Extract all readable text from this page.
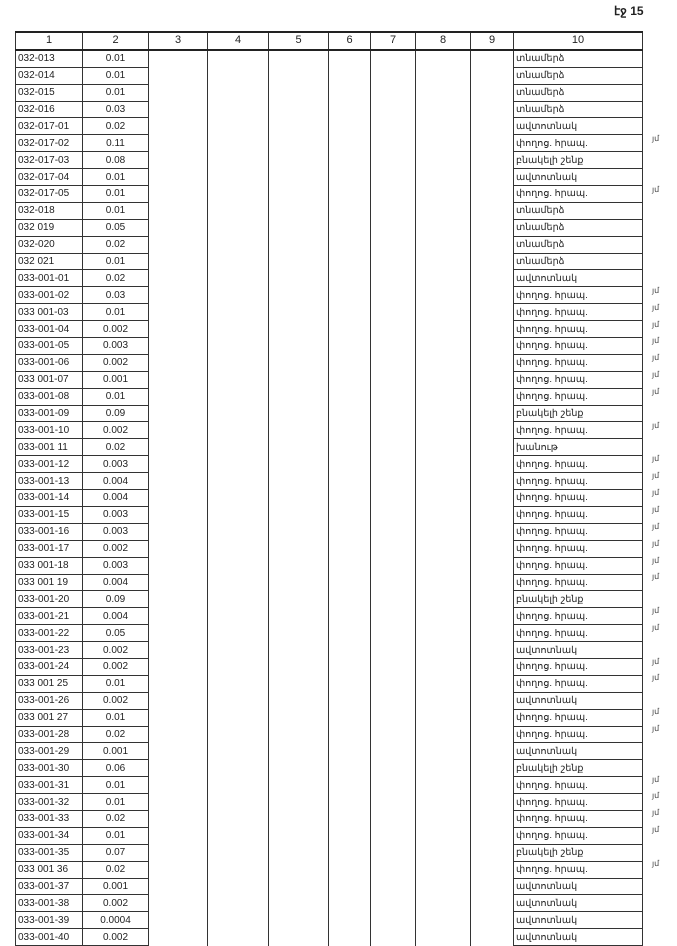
էջ 15
1	2	3	4	5	6	7	8	9	10
032-013	0.01								տնամերձ
032-014	0.01								տնամերձ
032-015	0.01								տնամերձ
032-016	0.03								տնամերձ
032-017-01	0.02								ավտոտնակ
032-017-02	0.11								փողոց. հրապ.
032-017-03	0.08								բնակելի շենք
032-017-04	0.01								ավտոտնակ
032-017-05	0.01								փողոց. հրապ.
032-018	0.01								տնամերձ
032 019	0.05								տնամերձ
032-020	0.02								տնամերձ
032 021	0.01								տնամերձ
033-001-01	0.02								ավտոտնակ
033-001-02	0.03								փողոց. հրապ.
033 001-03	0.01								փողոց. հրապ.
033-001-04	0.002								փողոց. հրապ.
033-001-05	0.003								փողոց. հրապ.
033-001-06	0.002								փողոց. հրապ.
033 001-07	0.001								փողոց. հրապ.
033-001-08	0.01								փողոց. հրապ.
033-001-09	0.09								բնակելի շենք
033-001-10	0.002								փողոց. հրապ.
033-001 11	0.02								խանութ
033-001-12	0.003								փողոց. հրապ.
033-001-13	0.004								փողոց. հրապ.
033-001-14	0.004								փողոց. հրապ.
033-001-15	0.003								փողոց. հրապ.
033-001-16	0.003								փողոց. հրապ.
033-001-17	0.002								փողոց. հրապ.
033 001-18	0.003								փողոց. հրապ.
033 001 19	0.004								փողոց. հրապ.
033-001-20	0.09								բնակելի շենք
033-001-21	0.004								փողոց. հրապ.
033-001-22	0.05								փողոց. հրապ.
033-001-23	0.002								ավտոտնակ
033-001-24	0.002								փողոց. հրապ.
033 001 25	0.01								փողոց. հրապ.
033-001-26	0.002								ավտոտնակ
033 001 27	0.01								փողոց. հրապ.
033-001-28	0.02								փողոց. հրապ.
033-001-29	0.001								ավտոտնակ
033-001-30	0.06								բնակելի շենք
033-001-31	0.01								փողոց. հրապ.
033-001-32	0.01								փողոց. հրապ.
033-001-33	0.02								փողոց. հրապ.
033-001-34	0.01								փողոց. հրապ.
033-001-35	0.07								բնակելի շենք
033 001 36	0.02								փողոց. հրապ.
033-001-37	0.001								ավտոտնակ
033-001-38	0.002								ավտոտնակ
033-001-39	0.0004								ավտոտնակ
033-001-40	0.002								ավտոտնակ
յմ
յմ
յմ
յմ
յմ
յմ
յմ
յմ
յմ
յմ
յմ
յմ
յմ
յմ
յմ
յմ
յմ
յմ
յմ
յմ
յմ
յմ
յմ
յմ
յմ
յմ
յմ
յմ
յմ
